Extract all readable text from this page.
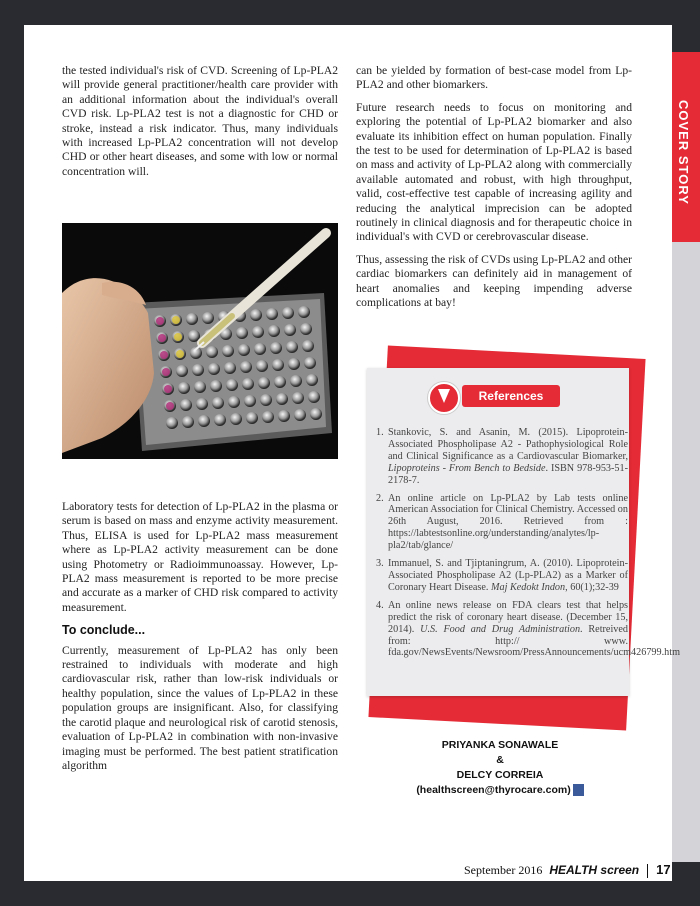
COVER STORY

the tested individual's risk of CVD. Screening of Lp-PLA2 will provide general practitioner/health care provider with an additional information about the individual's overall CVD risk. Lp-PLA2 test is not a diagnostic for CHD or stroke, instead a risk indicator. Thus, many individuals with increased Lp-PLA2 concentration will not develop CHD or other heart diseases, and some with low or normal concentration will.

Laboratory tests for detection of Lp-PLA2 in the plasma or serum is based on mass and enzyme activity measurement. Thus, ELISA is used for Lp-PLA2 mass measurement where as Lp-PLA2 activity measurement can be done using Photometry or Radioimmunoassay. However, Lp-PLA2 mass measurement is reported to be more precise and accurate as a marker of CHD risk compared to activity measurement.

To conclude...

Currently, measurement of Lp-PLA2 has only been restrained to individuals with moderate and high cardiovascular risk, rather than low-risk individuals or healthy population, since the values of Lp-PLA2 in these population groups are insignificant. Also, for classifying the carotid plaque and neurological risk of carotid stenosis, evaluation of Lp-PLA2 in combination with non-invasive imaging must be performed. The best patient stratification algorithm

can be yielded by formation of best-case model from Lp-PLA2 and other biomarkers.

Future research needs to focus on monitoring and exploring the potential of Lp-PLA2 biomarker and also evaluate its inhibition effect on human population. Finally the test to be used for determination of Lp-PLA2 is based on mass and activity of Lp-PLA2 along with commercially available automated and robust, with high throughput, valid, cost-effective test capable of increasing agility and reducing the analytical imprecision can be adopted routinely in clinical diagnosis and for therapeutic choice in individual's with CVD or cerebrovascular disease.

Thus, assessing the risk of CVDs using Lp-PLA2 and other cardiac biomarkers can definitely aid in management of heart anomalies and keeping impending adverse complications at bay!

References
1. Stankovic, S. and Asanin, M. (2015). Lipoprotein-Associated Phospholipase A2 - Pathophysiological Role and Clinical Significance as a Cardiovascular Biomarker, Lipoproteins - From Bench to Bedside. ISBN 978-953-51-2178-7.
2. An online article on Lp-PLA2 by Lab tests online American Association for Clinical Chemistry. Accessed on 26th August, 2016. Retrieved from : https://labtestsonline.org/understanding/analytes/lp-pla2/tab/glance/
3. Immanuel, S. and Tjiptaningrum, A. (2010). Lipoprotein-Associated Phospholipase A2 (Lp-PLA2) as a Marker of Coronary Heart Disease. Maj Kedokt Indon, 60(1);32-39
4. An online news release on FDA clears test that helps predict the risk of coronary heart disease. (December 15, 2014). U.S. Food and Drug Administration. Retreived from: http:// www. fda.gov/NewsEvents/Newsroom/PressAnnouncements/ucm426799.htm
PRIYANKA SONAWALE
&
DELCY CORREIA
(healthscreen@thyrocare.com)
September 2016 HEALTH screen 17
